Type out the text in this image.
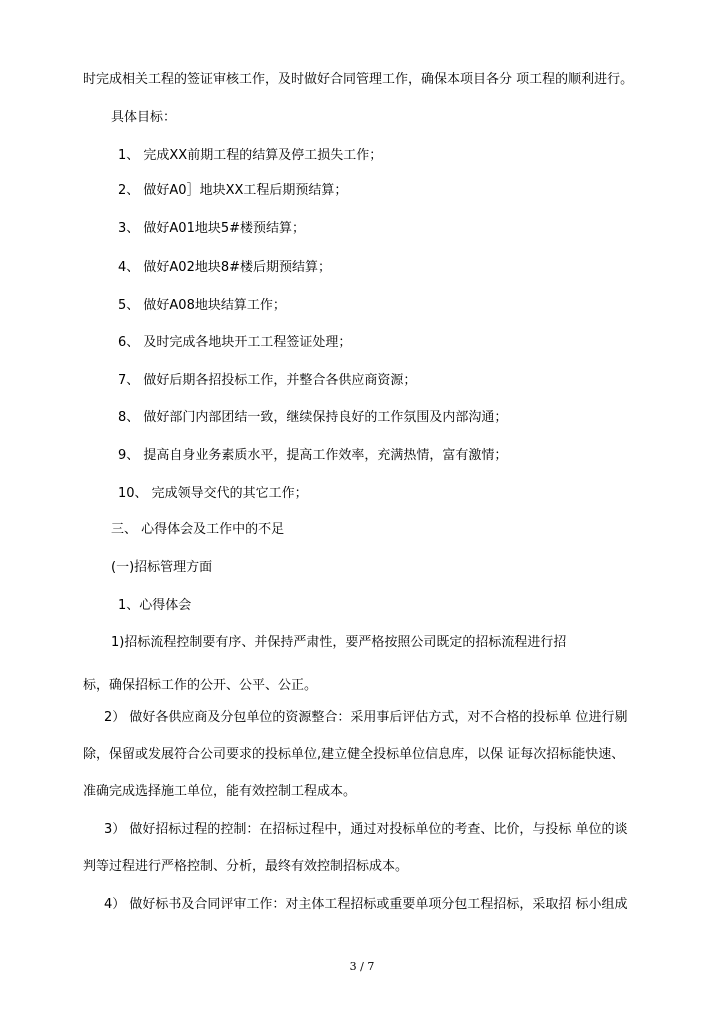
时完成相关工程的签证审核工作，及时做好合同管理工作，确保本项目各分 项工程的顺利进行。
具体目标：
1、 完成XX前期工程的结算及停工损失工作；
2、 做好A0］地块XX工程后期预结算；
3、 做好A01地块5#楼预结算；
4、 做好A02地块8#楼后期预结算；
5、 做好A08地块结算工作；
6、 及时完成各地块开工工程签证处理；
7、 做好后期各招投标工作，并整合各供应商资源；
8、 做好部门内部团结一致，继续保持良好的工作氛围及内部沟通；
9、 提高自身业务素质水平，提高工作效率，充满热情，富有激情；
10、 完成领导交代的其它工作；
三、 心得体会及工作中的不足
(一)招标管理方面
1、心得体会
1)招标流程控制要有序、并保持严肃性，要严格按照公司既定的招标流程进行招
标，确保招标工作的公开、公平、公正。
2） 做好各供应商及分包单位的资源整合：采用事后评估方式，对不合格的投标单 位进行剔
除，保留或发展符合公司要求的投标单位,建立健全投标单位信息库，以保 证每次招标能快速、
准确完成选择施工单位，能有效控制工程成本。
3） 做好招标过程的控制：在招标过程中，通过对投标单位的考查、比价，与投标 单位的谈
判等过程进行严格控制、分析，最终有效控制招标成本。
4） 做好标书及合同评审工作：对主体工程招标或重要单项分包工程招标，采取招 标小组成
3 / 7
